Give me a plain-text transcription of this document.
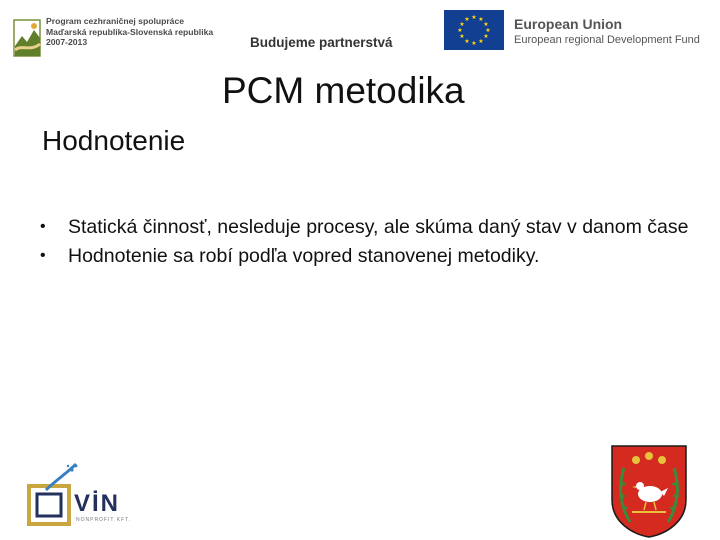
Program cezhraničnej spolupráce
Maďarská republika-Slovenská republika
2007-2013	Budujeme partnerstvá
★ ★
★
★
★
★
★
★
★
★
★
★	European Union
European regional Development Fund
PCM metodika
Hodnotenie
• Statická činnosť, nesleduje procesy, ale skúma daný stav v danom čase
• Hodnotenie sa robí podľa vopred stanovenej metodiky.
VİN
NONPROFIT KFT.
